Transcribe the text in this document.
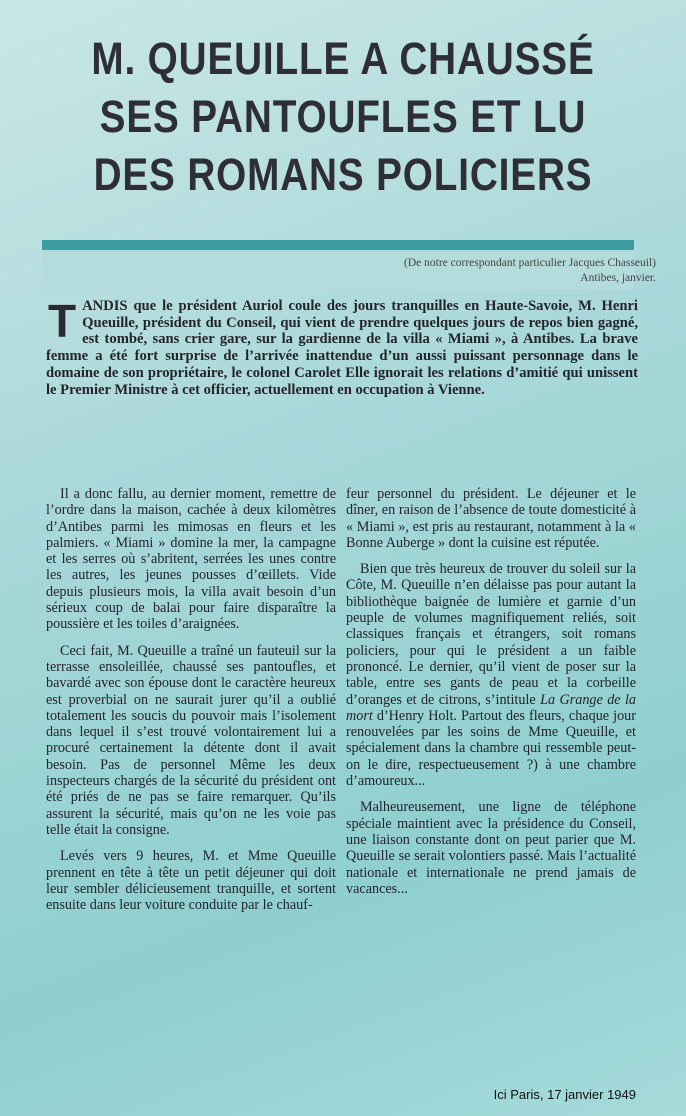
M. QUEUILLE A CHAUSSÉ
SES PANTOUFLES ET LU
DES ROMANS POLICIERS
(De notre correspondant particulier Jacques Chasseuil)
Antibes, janvier.
T ANDIS que le président Auriol coule des jours tranquilles en Haute-Savoie, M. Henri Queuille, président du Conseil, qui vient de prendre quelques jours de repos bien gagné, est tombé, sans crier gare, sur la gardienne de la villa « Miami », à Antibes. La brave femme a été fort surprise de l’arrivée inattendue d’un aussi puissant personnage dans le domaine de son propriétaire, le colonel Carolet Elle ignorait les relations d’amitié qui unissent le Premier Ministre à cet officier, actuellement en occupation à Vienne.

Il a donc fallu, au dernier moment, remettre de l’ordre dans la maison, cachée à deux kilomètres d’Antibes parmi les mimosas en fleurs et les palmiers. « Miami » domine la mer, la campagne et les serres où s’abritent, serrées les unes contre les autres, les jeunes pousses d’œillets. Vide depuis plusieurs mois, la villa avait besoin d’un sérieux coup de balai pour faire disparaître la poussière et les toiles d’araignées.

Ceci fait, M. Queuille a traîné un fauteuil sur la terrasse ensoleillée, chaussé ses pantoufles, et bavardé avec son épouse dont le caractère heureux est proverbial on ne saurait jurer qu’il a oublié totalement les soucis du pouvoir mais l’isolement dans lequel il s’est trouvé volontairement lui a procuré certainement la détente dont il avait besoin. Pas de personnel Même les deux inspecteurs chargés de la sécurité du président ont été priés de ne pas se faire remarquer. Qu’ils assurent la sécurité, mais qu’on ne les voie pas telle était la consigne.

Levés vers 9 heures, M. et Mme Queuille prennent en tête à tête un petit déjeuner qui doit leur sembler délicieusement tranquille, et sortent ensuite dans leur voiture conduite par le chauf-

feur personnel du président. Le déjeuner et le dîner, en raison de l’absence de toute domesticité à « Miami », est pris au restaurant, notamment à la « Bonne Auberge » dont la cuisine est réputée.

Bien que très heureux de trouver du soleil sur la Côte, M. Queuille n’en délaisse pas pour autant la bibliothèque baignée de lumière et garnie d’un peuple de volumes magnifiquement reliés, soit classiques français et étrangers, soit romans policiers, pour qui le président a un faible prononcé. Le dernier, qu’il vient de poser sur la table, entre ses gants de peau et la corbeille d’oranges et de citrons, s’intitule La Grange de la mort d’Henry Holt. Partout des fleurs, chaque jour renouvelées par les soins de Mme Queuille, et spécialement dans la chambre qui ressemble peut-on le dire, respectueusement ?) à une chambre d’amoureux...

Malheureusement, une ligne de téléphone spéciale maintient avec la présidence du Conseil, une liaison constante dont on peut parier que M. Queuille se serait volontiers passé. Mais l’actualité nationale et internationale ne prend jamais de vacances...

Ici Paris, 17 janvier 1949
